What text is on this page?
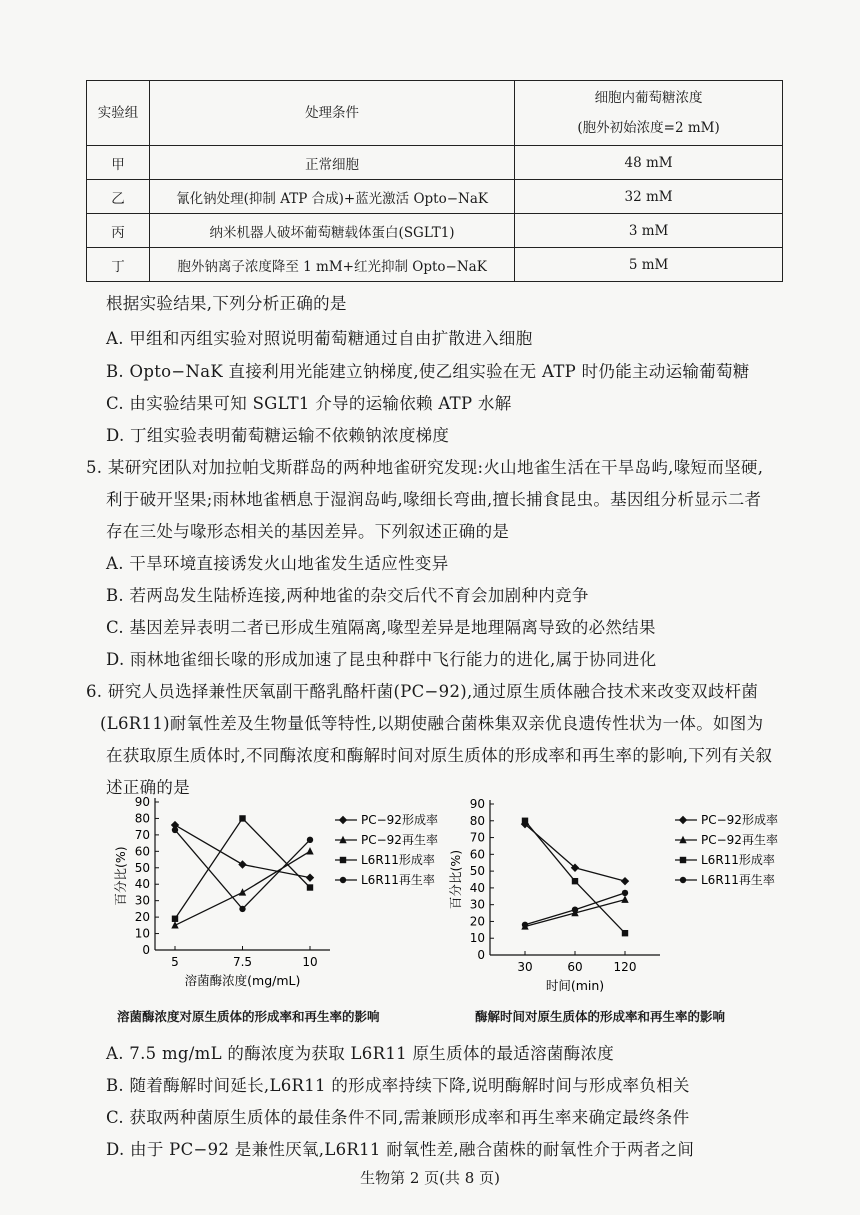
实验组	处理条件	细胞内葡萄糖浓度
(胞外初始浓度=2 mM)

甲	正常细胞	48 mM
乙	氰化钠处理(抑制 ATP 合成)+蓝光激活 Opto−NaK	32 mM
丙	纳米机器人破坏葡萄糖载体蛋白(SGLT1)	3 mM
丁	胞外钠离子浓度降至 1 mM+红光抑制 Opto−NaK	5 mM
根据实验结果,下列分析正确的是
A. 甲组和丙组实验对照说明葡萄糖通过自由扩散进入细胞
B. Opto−NaK 直接利用光能建立钠梯度,使乙组实验在无 ATP 时仍能主动运输葡萄糖
C. 由实验结果可知 SGLT1 介导的运输依赖 ATP 水解
D. 丁组实验表明葡萄糖运输不依赖钠浓度梯度
5. 某研究团队对加拉帕戈斯群岛的两种地雀研究发现:火山地雀生活在干旱岛屿,喙短而坚硬,
利于破开坚果;雨林地雀栖息于湿润岛屿,喙细长弯曲,擅长捕食昆虫。基因组分析显示二者
存在三处与喙形态相关的基因差异。下列叙述正确的是
A. 干旱环境直接诱发火山地雀发生适应性变异
B. 若两岛发生陆桥连接,两种地雀的杂交后代不育会加剧种内竞争
C. 基因差异表明二者已形成生殖隔离,喙型差异是地理隔离导致的必然结果
D. 雨林地雀细长喙的形成加速了昆虫种群中飞行能力的进化,属于协同进化
6. 研究人员选择兼性厌氧副干酪乳酪杆菌(PC−92),通过原生质体融合技术来改变双歧杆菌
(L6R11)耐氧性差及生物量低等特性,以期使融合菌株集双亲优良遗传性状为一体。如图为
在获取原生质体时,不同酶浓度和酶解时间对原生质体的形成率和再生率的影响,下列有关叙
述正确的是
A. 7.5 mg/mL 的酶浓度为获取 L6R11 原生质体的最适溶菌酶浓度
B. 随着酶解时间延长,L6R11 的形成率持续下降,说明酶解时间与形成率负相关
C. 获取两种菌原生质体的最佳条件不同,需兼顾形成率和再生率来确定最终条件
D. 由于 PC−92 是兼性厌氧,L6R11 耐氧性差,融合菌株的耐氧性介于两者之间
0
10
20
30
40
50
60
70
80
90
5	7.5	10
溶菌酶浓度(mg/mL)
百分比(%)
PC−92形成率
PC−92再生率
L6R11形成率
L6R11再生率
0
10
20
30
40
50
60
70
80
90
30	60	120
时间(min)
百分比(%)
PC−92形成率
PC−92再生率
L6R11形成率
L6R11再生率
溶菌酶浓度对原生质体的形成率和再生率的影响	酶解时间对原生质体的形成率和再生率的影响
生物第 2 页(共 8 页)
